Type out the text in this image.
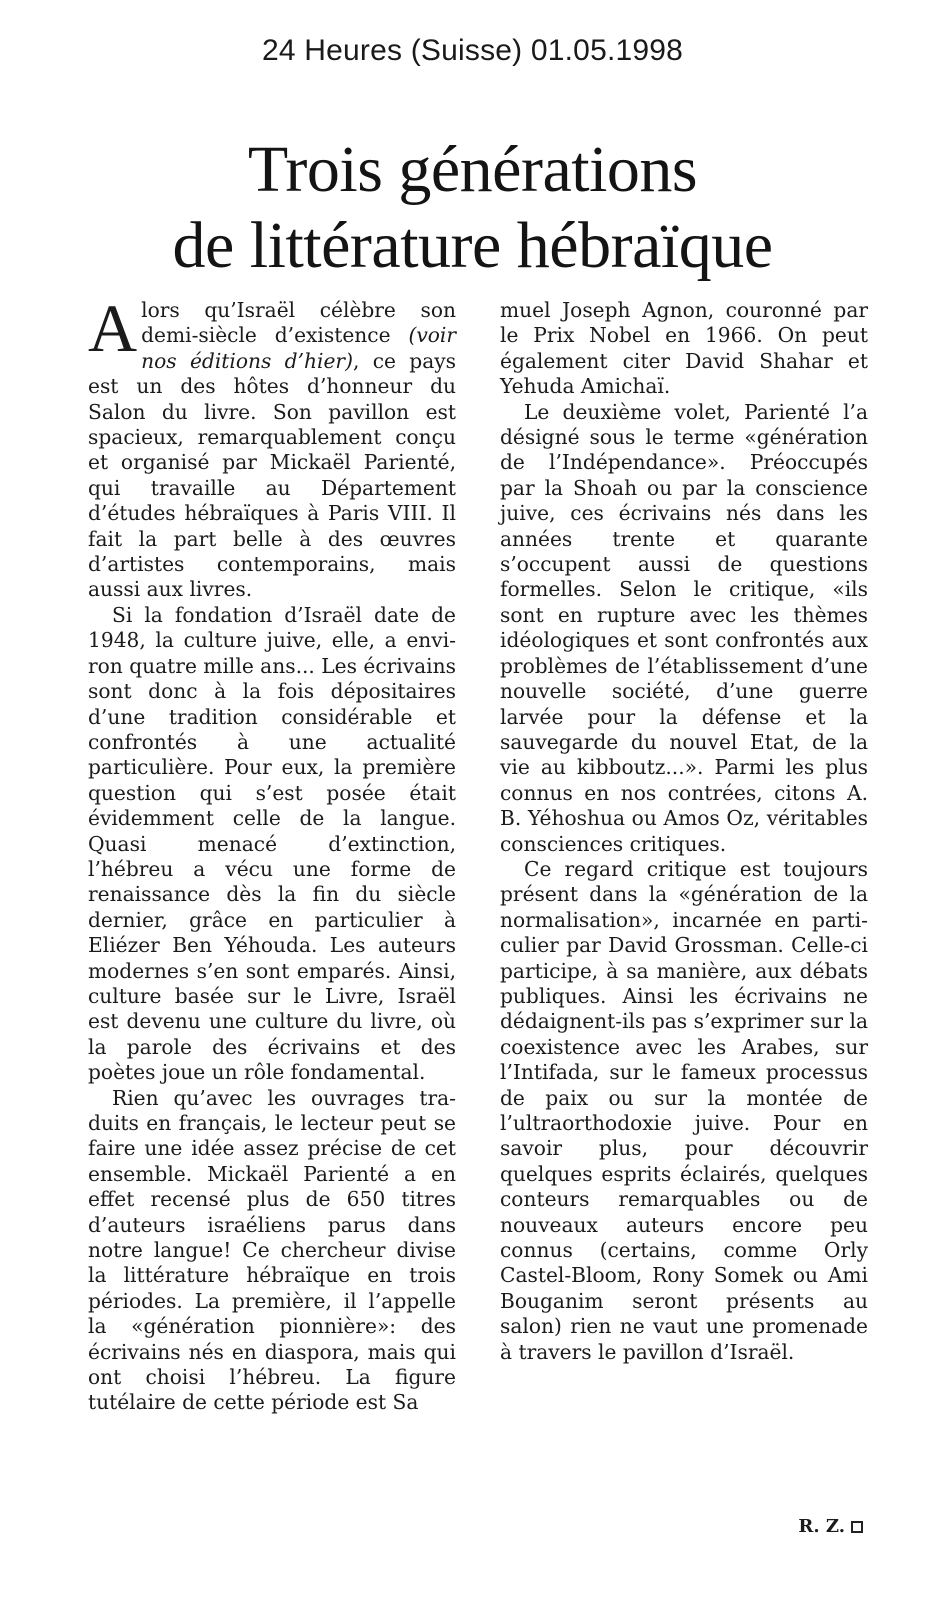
24 Heures (Suisse) 01.05.1998
Trois générations
de littérature hébraïque

Alors qu’Israël célèbre son demi-siècle d’existence (voir nos éditions d’hier), ce pays est un des hôtes d’honneur du Salon du livre. Son pavillon est spacieux, remarquablement conçu et organisé par Mickaël Parienté, qui travaille au Département d’études hébraïques à Paris VIII. Il fait la part belle à des œuvres d’artistes contemporains, mais aussi aux livres.

Si la fondation d’Israël date de 1948, la culture juive, elle, a environ quatre mille ans... Les écrivains sont donc à la fois dépositaires d’une tradition considérable et confrontés à une actualité particulière. Pour eux, la première question qui s’est posée était évidemment celle de la langue. Quasi menacé d’extinction, l’hébreu a vécu une forme de renaissance dès la fin du siècle dernier, grâce en particulier à Eliézer Ben Yéhouda. Les auteurs modernes s’en sont emparés. Ainsi, culture basée sur le Livre, Israël est devenu une culture du livre, où la parole des écrivains et des poètes joue un rôle fondamental.

Rien qu’avec les ouvrages traduits en français, le lecteur peut se faire une idée assez précise de cet ensemble. Mickaël Parienté a en effet recensé plus de 650 titres d’auteurs israéliens parus dans notre langue! Ce chercheur divise la littérature hébraïque en trois périodes. La première, il l’appelle la «génération pionnière»: des écrivains nés en diaspora, mais qui ont choisi l’hébreu. La figure tutélaire de cette période est Sa

muel Joseph Agnon, couronné par le Prix Nobel en 1966. On peut également citer David Shahar et Yehuda Amichaï.

Le deuxième volet, Parienté l’a désigné sous le terme «génération de l’Indépendance». Préoccupés par la Shoah ou par la conscience juive, ces écrivains nés dans les années trente et quarante s’occupent aussi de questions formelles. Selon le critique, «ils sont en rupture avec les thèmes idéologiques et sont confrontés aux problèmes de l’établissement d’une nouvelle société, d’une guerre larvée pour la défense et la sauvegarde du nouvel Etat, de la vie au kibboutz...». Parmi les plus connus en nos contrées, citons A. B. Yéhoshua ou Amos Oz, véritables consciences critiques.

Ce regard critique est toujours présent dans la «génération de la normalisation», incarnée en particulier par David Grossman. Celle-ci participe, à sa manière, aux débats publiques. Ainsi les écrivains ne dédaignent-ils pas s’exprimer sur la coexistence avec les Arabes, sur l’Intifada, sur le fameux processus de paix ou sur la montée de l’ultraorthodoxie juive. Pour en savoir plus, pour découvrir quelques esprits éclairés, quelques conteurs remarquables ou de nouveaux auteurs encore peu connus (certains, comme Orly Castel-Bloom, Rony Somek ou Ami Bouganim seront présents au salon) rien ne vaut une promenade à travers le pavillon d’Israël.

R. Z.
